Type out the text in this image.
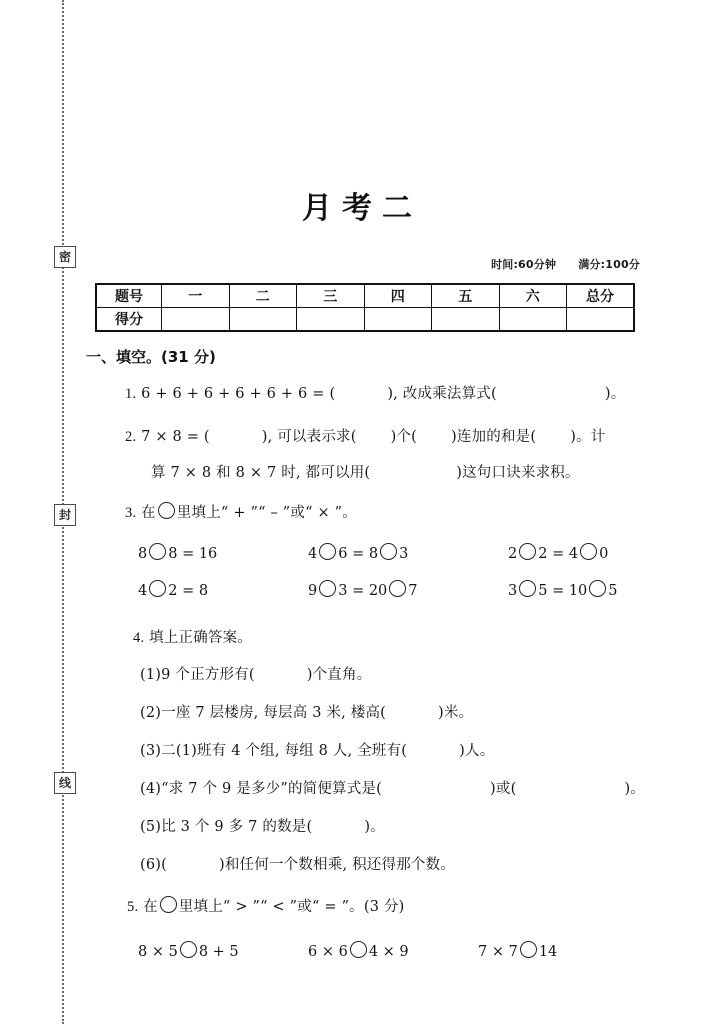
密
封
线
月考二
时间:60分钟 满分:100分
题号	一	二	三	四	五	六	总分
得分							
一、填空。(31 分)
1. 6 + 6 + 6 + 6 + 6 + 6 = (	), 改成乘法算式(	)。
2. 7 × 8 = (	), 可以表示求( )个( )连加的和是( )。计
算 7 × 8 和 8 × 7 时, 都可以用(	)这句口诀来求积。
3. 在 里填上“ + ”“ – ”或“ × ”。
8 8 = 16	4 6 = 8 3	2 2 = 4 0
4 2 = 8	9 3 = 20 7	3 5 = 10 5
4. 填上正确答案。
(1)9 个正方形有(	)个直角。
(2)一座 7 层楼房, 每层高 3 米, 楼高(	)米。
(3)二(1)班有 4 个组, 每组 8 人, 全班有(	)人。
(4)“求 7 个 9 是多少”的简便算式是(	)或(	)。
(5)比 3 个 9 多 7 的数是(	)。
(6)(	)和任何一个数相乘, 积还得那个数。
5. 在 里填上“ > ”“ < ”或“ = ”。(3 分)
8 × 5 8 + 5	6 × 6 4 × 9	7 × 7 14
